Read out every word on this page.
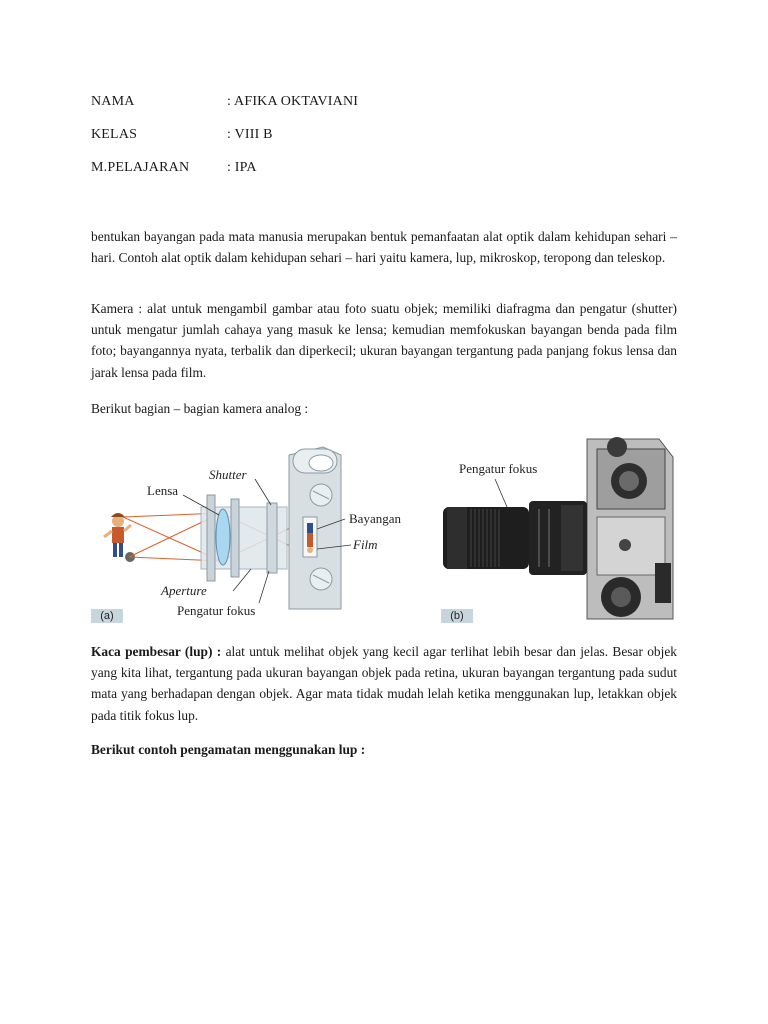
NAMA	: AFIKA OKTAVIANI
KELAS	: VIII B
M.PELAJARAN	: IPA

bentukan bayangan pada mata manusia merupakan bentuk pemanfaatan alat optik dalam kehidupan sehari – hari. Contoh alat optik dalam kehidupan sehari – hari yaitu kamera, lup, mikroskop, teropong dan teleskop.

Kamera : alat untuk mengambil gambar atau foto suatu objek; memiliki diafragma dan pengatur (shutter) untuk mengatur jumlah cahaya yang masuk ke lensa; kemudian memfokuskan bayangan benda pada film foto; bayangannya nyata, terbalik dan diperkecil; ukuran bayangan tergantung pada panjang fokus lensa dan jarak lensa pada film.

Berikut bagian – bagian kamera analog :

Shutter
Lensa
Bayangan
Film
Aperture
Pengatur fokus
(a)
Pengatur fokus
(b)

Kaca pembesar (lup) : alat untuk melihat objek yang kecil agar terlihat lebih besar dan jelas. Besar objek yang kita lihat, tergantung pada ukuran bayangan objek pada retina, ukuran bayangan tergantung pada sudut mata yang berhadapan dengan objek. Agar mata tidak mudah lelah ketika menggunakan lup, letakkan objek pada titik fokus lup.

Berikut contoh pengamatan menggunakan lup :
